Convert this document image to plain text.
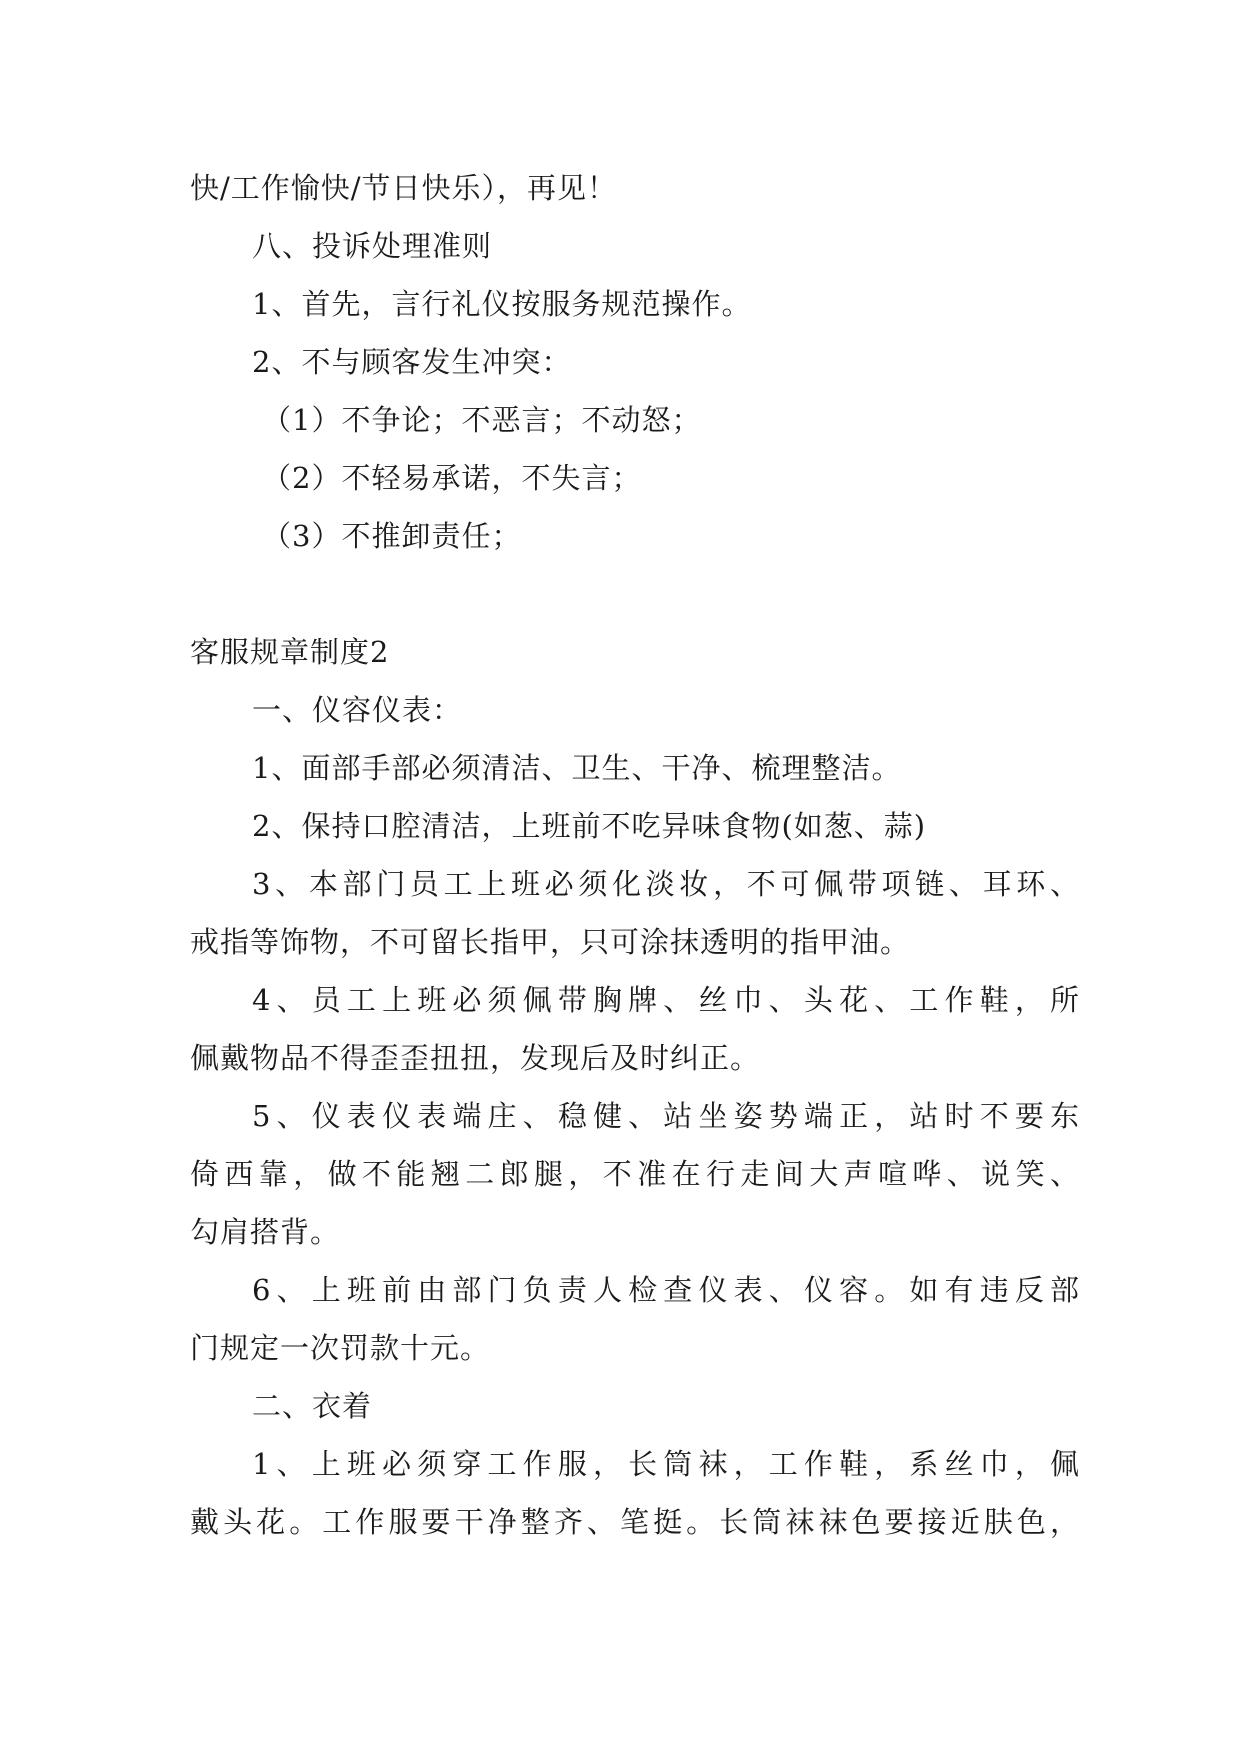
快/工作愉快/节日快乐），再见！
八、投诉处理准则
1、首先，言行礼仪按服务规范操作。
2、不与顾客发生冲突：
（1）不争论；不恶言；不动怒；
（2）不轻易承诺，不失言；
（3）不推卸责任；
客服规章制度2
一、仪容仪表：
1、面部手部必须清洁、卫生、干净、梳理整洁。
2、保持口腔清洁，上班前不吃异味食物(如葱、蒜)
3、本部门员工上班必须化淡妆，不可佩带项链、耳环、
戒指等饰物，不可留长指甲，只可涂抹透明的指甲油。
4、员工上班必须佩带胸牌、丝巾、头花、工作鞋，所
佩戴物品不得歪歪扭扭，发现后及时纠正。
5、仪表仪表端庄、稳健、站坐姿势端正，站时不要东
倚西靠，做不能翘二郎腿，不准在行走间大声喧哗、说笑、
勾肩搭背。
6、上班前由部门负责人检查仪表、仪容。如有违反部
门规定一次罚款十元。
二、衣着
1、上班必须穿工作服，长筒袜，工作鞋，系丝巾，佩
戴头花。工作服要干净整齐、笔挺。长筒袜袜色要接近肤色，
